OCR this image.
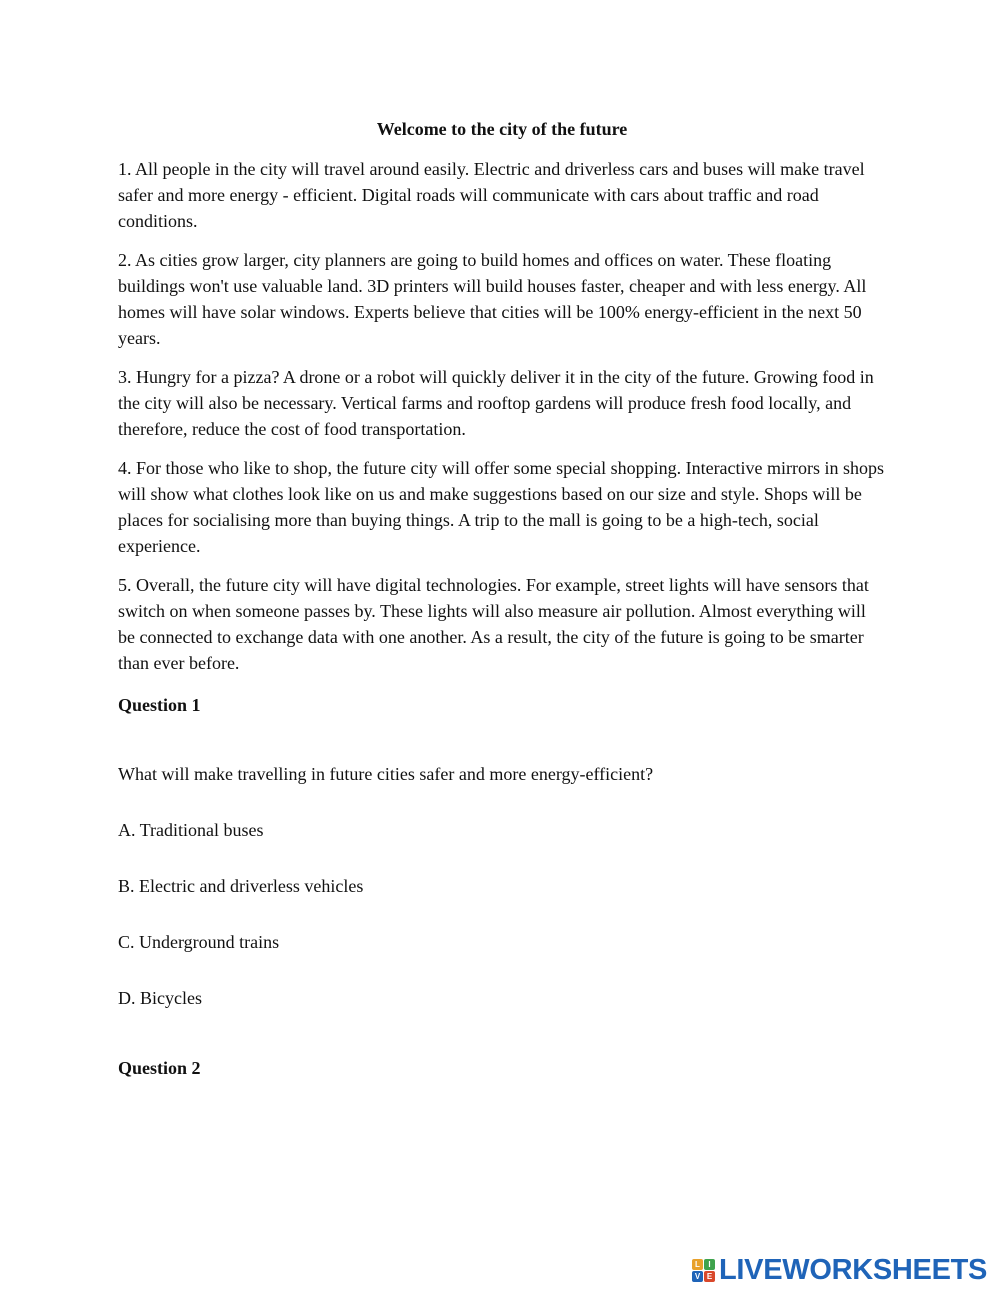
Welcome to the city of the future

1. All people in the city will travel around easily. Electric and driverless cars and buses will make travel safer and more energy - efficient. Digital roads will communicate with cars about traffic and road conditions.

2. As cities grow larger, city planners are going to build homes and offices on water. These floating buildings won't use valuable land. 3D printers will build houses faster, cheaper and with less energy. All homes will have solar windows. Experts believe that cities will be 100% energy-efficient in the next 50 years.

3. Hungry for a pizza? A drone or a robot will quickly deliver it in the city of the future. Growing food in the city will also be necessary. Vertical farms and rooftop gardens will produce fresh food locally, and therefore, reduce the cost of food transportation.

4. For those who like to shop, the future city will offer some special shopping. Interactive mirrors in shops will show what clothes look like on us and make suggestions based on our size and style. Shops will be places for socialising more than buying things. A trip to the mall is going to be a high-tech, social experience.

5. Overall, the future city will have digital technologies. For example, street lights will have sensors that switch on when someone passes by. These lights will also measure air pollution. Almost everything will be connected to exchange data with one another. As a result, the city of the future is going to be smarter than ever before.

Question 1

What will make travelling in future cities safer and more energy-efficient?

A. Traditional buses

B. Electric and driverless vehicles

C. Underground trains

D. Bicycles

Question 2

L	I
V E LIVEWORKSHEETS
